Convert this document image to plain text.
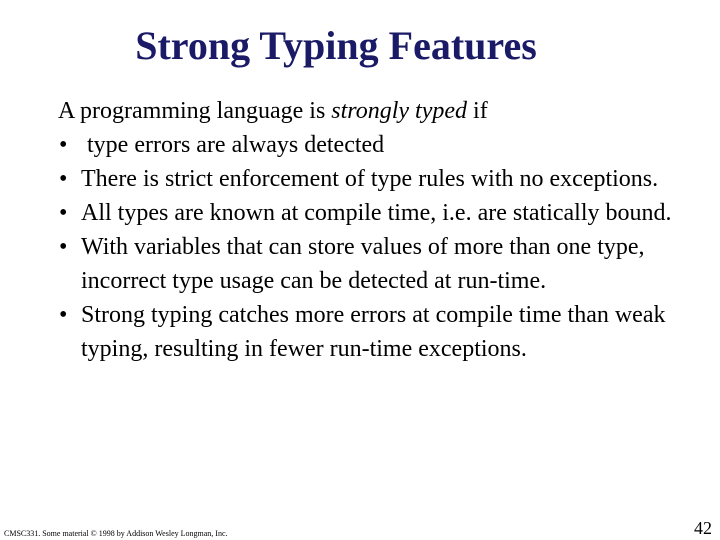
Strong Typing Features
A programming language is strongly typed if
• type errors are always detected
• There is strict enforcement of type rules with no exceptions.
• All types are known at compile time, i.e. are statically bound.
• With variables that can store values of more than one type, incorrect type usage can be detected at run-time.
• Strong typing catches more errors at compile time than weak typing, resulting in fewer run-time exceptions.
CMSC331. Some material © 1998 by Addison Wesley Longman, Inc.	42
